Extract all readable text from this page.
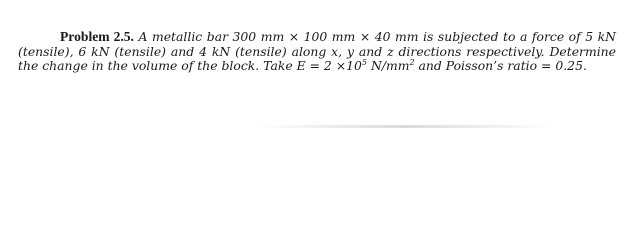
Problem 2.5. A metallic bar 300 mm × 100 mm × 40 mm is subjected to a force of 5 kN (tensile), 6 kN (tensile) and 4 kN (tensile) along x, y and z directions respectively. Determine the change in the volume of the block. Take $E = 2 \times 10^5$ $N/mm^2$ and Poisson’s ratio = 0.25.
